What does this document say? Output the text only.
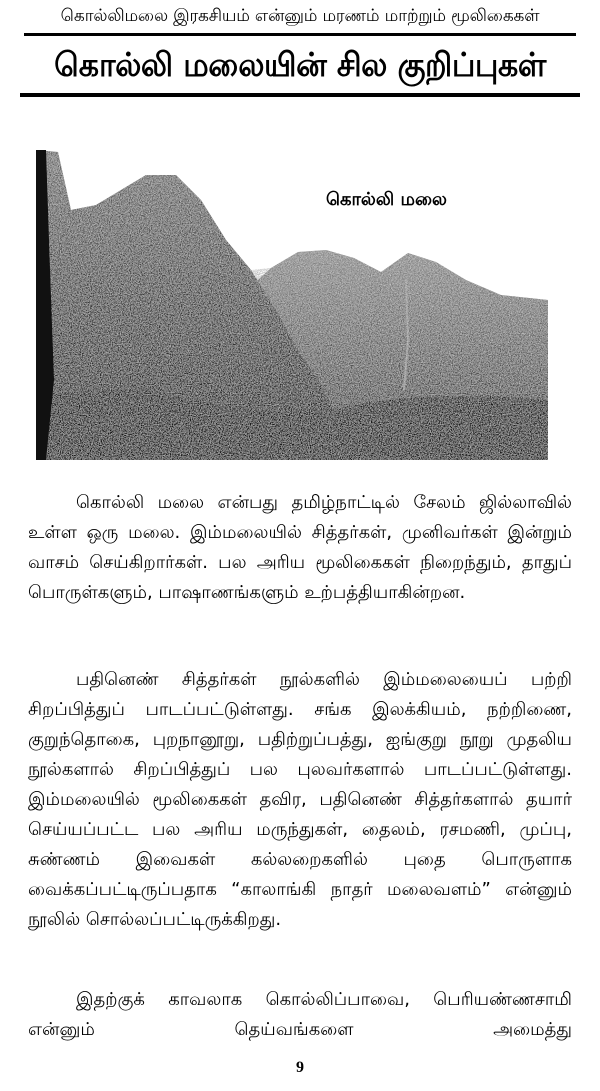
கொல்லிமலை இரகசியம் என்னும் மரணம் மாற்றும் மூலிகைகள்
கொல்லி மலையின் சில குறிப்புகள்
கொல்லி மலை

கொல்லி மலை என்பது தமிழ்நாட்டில் சேலம் ஜில்லாவில் உள்ள ஒரு மலை. இம்மலையில் சித்தர்கள், முனிவர்கள் இன்றும் வாசம் செய்கிறார்கள். பல அரிய மூலிகைகள் நிறைந்தும், தாதுப் பொருள்களும், பாஷாணங்களும் உற்பத்தியாகின்றன.

பதினெண் சித்தர்கள் நூல்களில் இம்மலையைப் பற்றி சிறப்பித்துப் பாடப்பட்டுள்ளது. சங்க இலக்கியம், நற்றிணை, குறுந்தொகை, புறநானூறு, பதிற்றுப்பத்து, ஐங்குறு நூறு முதலிய நூல்களால் சிறப்பித்துப் பல புலவர்களால் பாடப்பட்டுள்ளது. இம்மலையில் மூலிகைகள் தவிர, பதினெண் சித்தர்களால் தயார் செய்யப்பட்ட பல அரிய மருந்துகள், தைலம், ரசமணி, முப்பு, சுண்ணம் இவைகள் கல்லறைகளில் புதை பொருளாக வைக்கப்பட்டிருப்பதாக “காலாங்கி நாதர் மலைவளம்” என்னும் நூலில் சொல்லப்பட்டிருக்கிறது.

இதற்குக் காவலாக கொல்லிப்பாவை, பெரியண்ணசாமி என்னும் தெய்வங்களை அமைத்து

9
